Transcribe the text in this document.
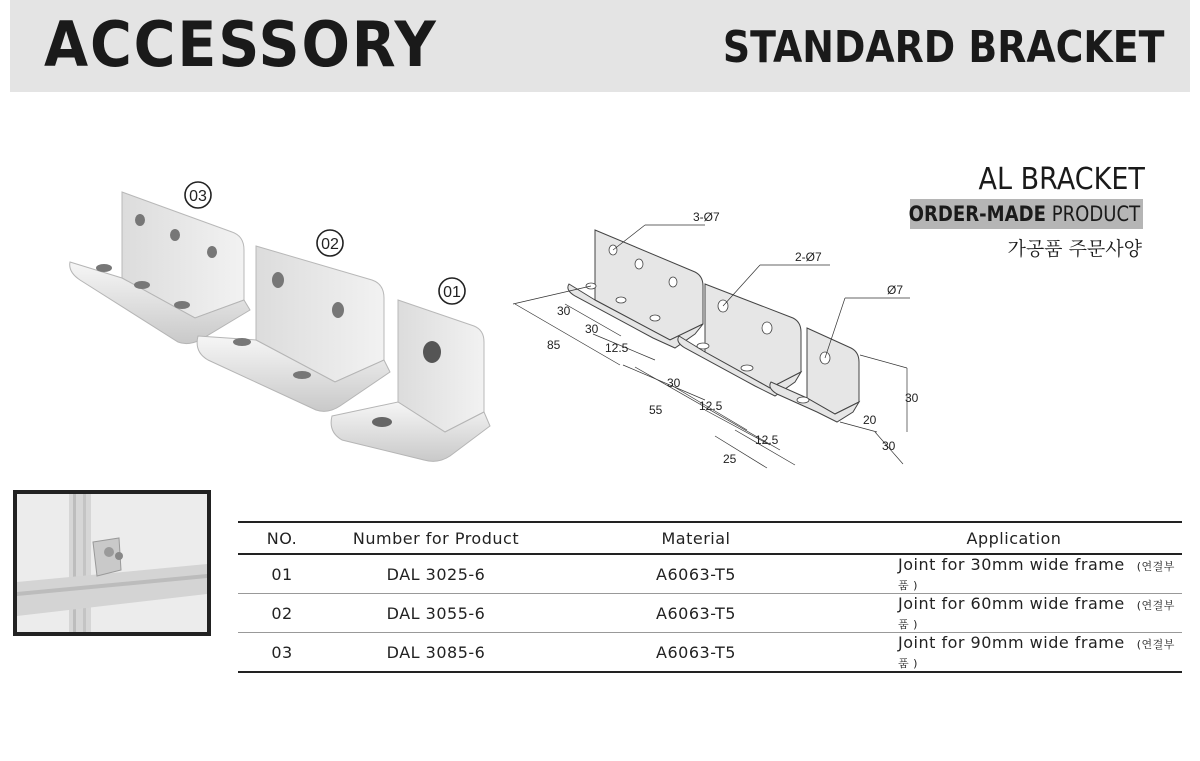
ACCESSORY	STANDARD BRACKET
03
02
01
3-Ø7
2-Ø7
Ø7
30
30
85	12.5
30
12.5
55
12.5
25
30
20
30
AL BRACKET
ORDER-MADE PRODUCT
가공품 주문사양
NO.	Number for Product	Material	Application
01	DAL 3025-6	A6063-T5	Joint for 30mm wide frame (연결부품 )
02	DAL 3055-6	A6063-T5	Joint for 60mm wide frame (연결부품 )
03	DAL 3085-6	A6063-T5	Joint for 90mm wide frame (연결부품 )
